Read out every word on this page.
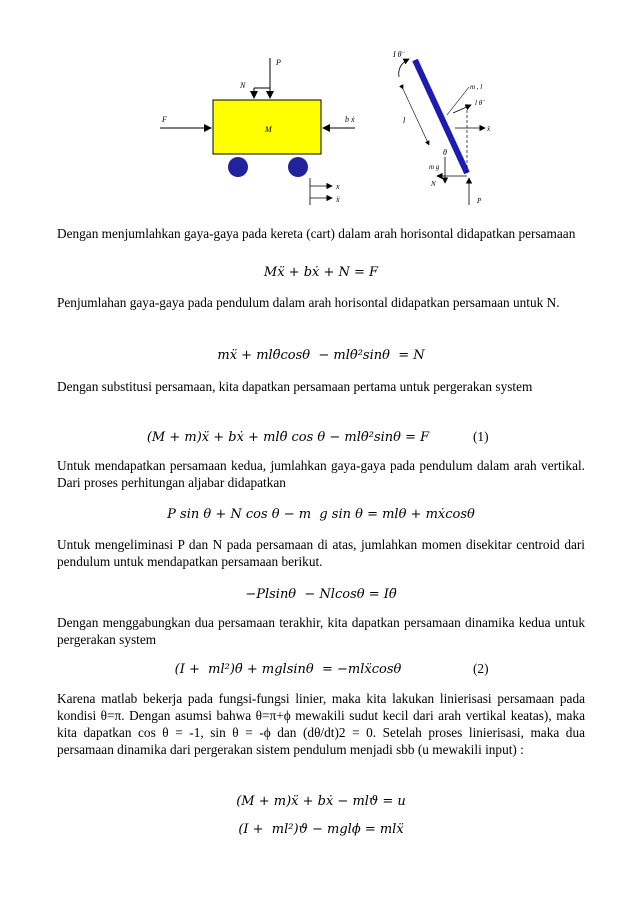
P
N
F
M
b ẋ
x
ẍ
I θ̈
m , l
l θ̈
l
ẍ
θ
m g
N
P
Dengan menjumlahkan gaya-gaya pada kereta (cart) dalam arah horisontal didapatkan persamaan
Mẍ + bẋ + N = F
Penjumlahan gaya-gaya pada pendulum dalam arah horisontal didapatkan persamaan untuk N.
mẍ + mlθ̈cosθ  − mlθ̇²sinθ  = N
Dengan substitusi persamaan, kita dapatkan persamaan pertama untuk pergerakan system
(M + m)ẍ + bẋ + mlθ̈ cos θ − mlθ̇²sinθ = F	(1)
Untuk mendapatkan persamaan kedua, jumlahkan gaya-gaya pada pendulum dalam arah vertikal. Dari proses perhitungan aljabar didapatkan
P sin θ + N cos θ − m  g sin θ = mlθ + mẋcosθ
Untuk mengeliminasi P dan N pada persamaan di atas, jumlahkan momen disekitar centroid dari pendulum untuk mendapatkan persamaan berikut.
−Plsinθ  − Nlcosθ = Iθ̈
Dengan menggabungkan dua persamaan terakhir, kita dapatkan persamaan dinamika kedua untuk pergerakan system
(I +  ml²)θ̈ + mglsinθ  = −mlẍcosθ	(2)
Karena matlab bekerja pada fungsi-fungsi linier, maka kita lakukan linierisasi persamaan pada kondisi θ=π. Dengan asumsi bahwa θ=π+ϕ mewakili sudut kecil dari arah vertikal keatas), maka kita dapatkan cos θ = -1, sin θ = -ϕ dan (dθ/dt)2 = 0. Setelah proses linierisasi, maka dua persamaan dinamika dari pergerakan sistem pendulum menjadi sbb (u mewakili input) :
(M + m)ẍ + bẋ − mlϑ = u
(I +  ml²)ϑ − mglϕ = mlẍ
